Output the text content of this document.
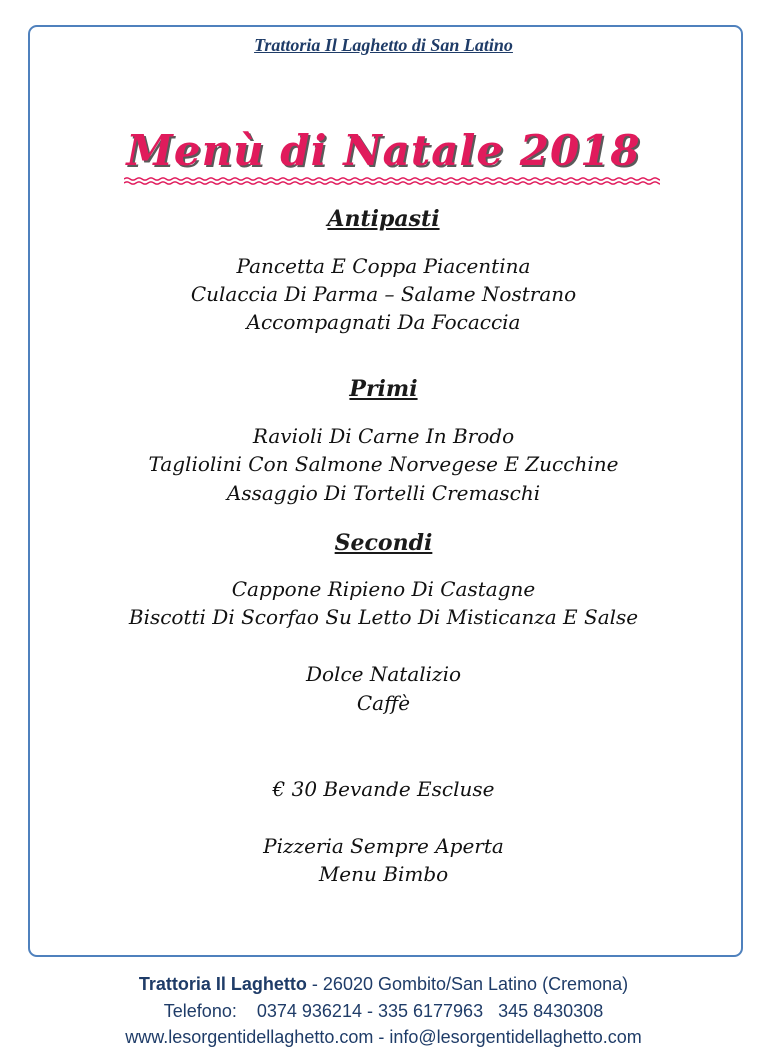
Trattoria Il Laghetto di San Latino
Menù di Natale 2018
Antipasti
Pancetta E Coppa Piacentina
Culaccia Di Parma – Salame Nostrano
Accompagnati Da Focaccia
Primi
Ravioli Di Carne In Brodo
Tagliolini Con Salmone Norvegese E Zucchine
Assaggio Di Tortelli Cremaschi
Secondi
Cappone Ripieno Di Castagne
Biscotti Di Scorfao Su Letto Di Misticanza E Salse
Dolce Natalizio
Caffè
€ 30 Bevande Escluse
Pizzeria Sempre Aperta
Menu Bimbo
Trattoria Il Laghetto - 26020 Gombito/San Latino (Cremona)
Telefono: 0374 936214 - 335 6177963 345 8430308
www.lesorgentidellaghetto.com - info@lesorgentidellaghetto.com
